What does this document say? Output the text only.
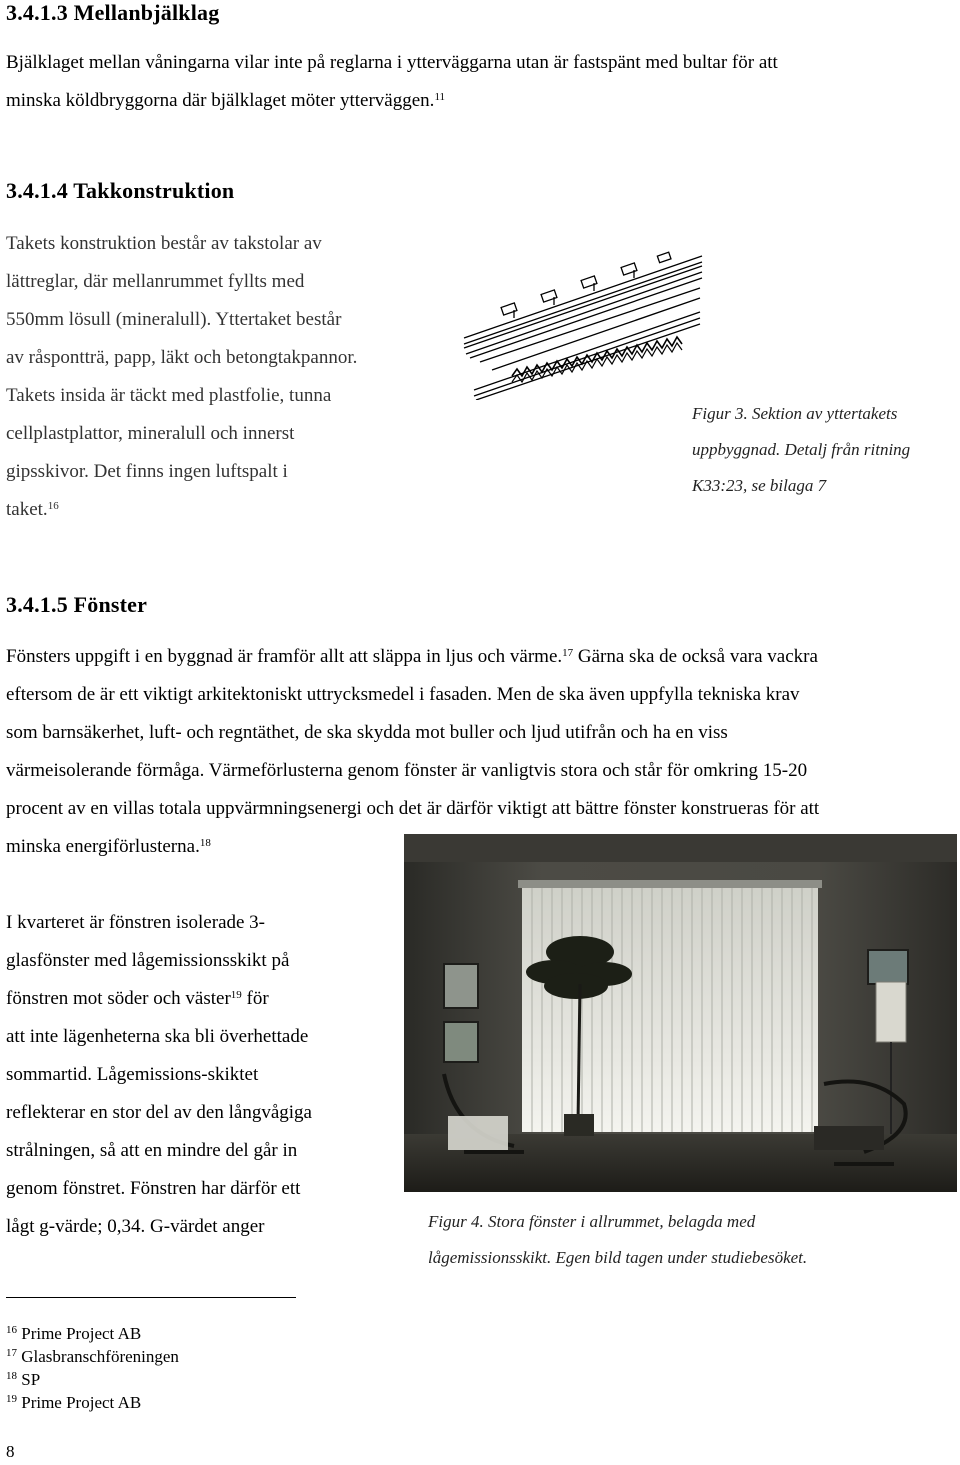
3.4.1.3 Mellanbjälklag

Bjälklaget mellan våningarna vilar inte på reglarna i ytterväggarna utan är fastspänt med bultar för att

minska köldbryggorna där bjälklaget möter ytterväggen.$^{11}$

3.4.1.4 Takkonstruktion

Takets konstruktion består av takstolar av

lättreglar, där mellanrummet fyllts med

550mm lösull (mineralull). Yttertaket består

av råspontträ, papp, läkt och betongtakpannor.

Takets insida är täckt med plastfolie, tunna

cellplastplattor, mineralull och innerst

gipsskivor. Det finns ingen luftspalt i

taket.$^{16}$

Figur 3. Sektion av yttertakets

uppbyggnad. Detalj från ritning

K33:23, se bilaga 7

3.4.1.5 Fönster

Fönsters uppgift i en byggnad är framför allt att släppa in ljus och värme.$^{17}$ Gärna ska de också vara vackra

eftersom de är ett viktigt arkitektoniskt uttrycksmedel i fasaden. Men de ska även uppfylla tekniska krav

som barnsäkerhet, luft- och regntäthet, de ska skydda mot buller och ljud utifrån och ha en viss

värmeisolerande förmåga. Värmeförlusterna genom fönster är vanligtvis stora och står för omkring 15-20

procent av en villas totala uppvärmningsenergi och det är därför viktigt att bättre fönster konstrueras för att

minska energiförlusterna.$^{18}$

I kvarteret är fönstren isolerade 3-

glasfönster med lågemissionsskikt på

fönstren mot söder och väster$^{19}$ för

att inte lägenheterna ska bli överhettade

sommartid. Lågemissions-skiktet

reflekterar en stor del av den långvågiga

strålningen, så att en mindre del går in

genom fönstret. Fönstren har därför ett

lågt g-värde; 0,34. G-värdet anger	Figur 4. Stora fönster i allrummet, belagda med

lågemissionsskikt. Egen bild tagen under studiebesöket.

$^{16}$ Prime Project AB

$^{17}$ Glasbranschföreningen

$^{18}$ SP

$^{19}$ Prime Project AB

8
